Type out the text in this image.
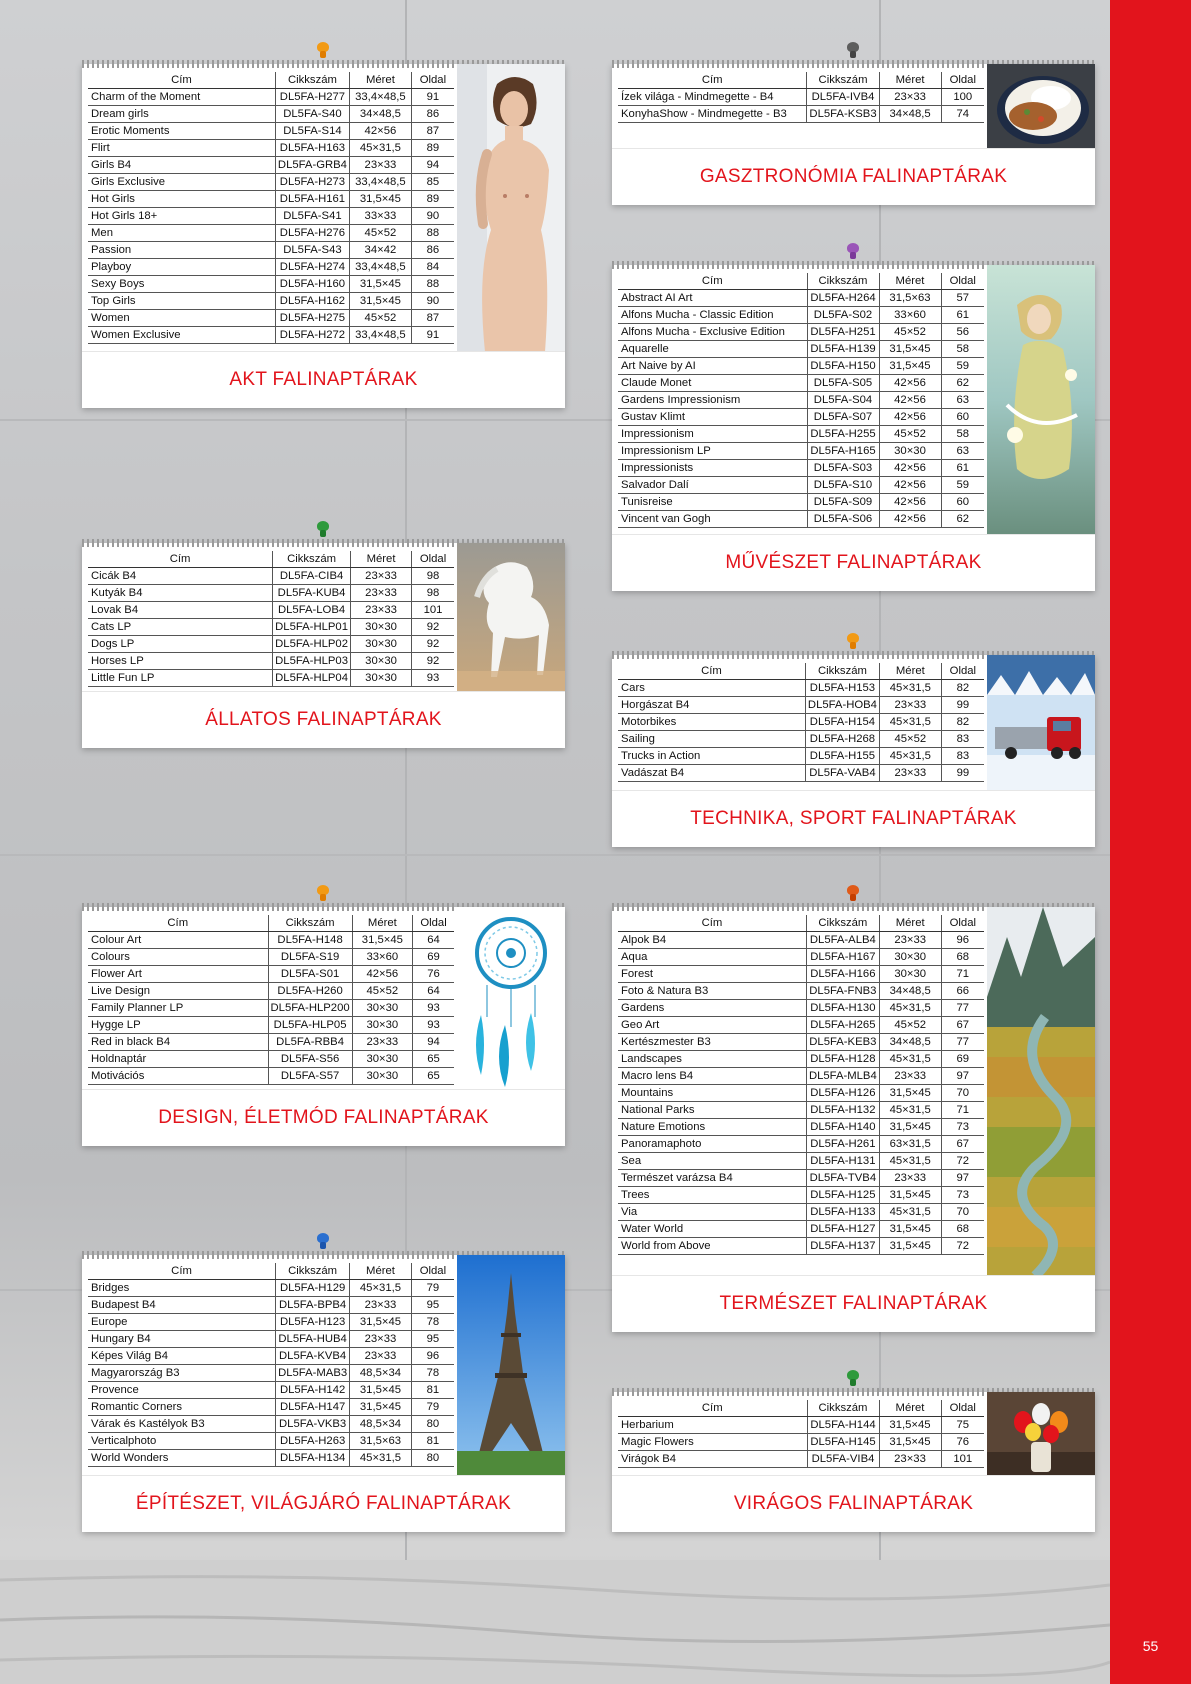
55
Cím	Cikkszám	Méret	Oldal
Charm of the Moment	DL5FA-H277	33,4×48,5	91
Dream girls	DL5FA-S40	34×48,5	86
Erotic Moments	DL5FA-S14	42×56	87
Flirt	DL5FA-H163	45×31,5	89
Girls B4	DL5FA-GRB4	23×33	94
Girls Exclusive	DL5FA-H273	33,4×48,5	85
Hot Girls	DL5FA-H161	31,5×45	89
Hot Girls 18+	DL5FA-S41	33×33	90
Men	DL5FA-H276	45×52	88
Passion	DL5FA-S43	34×42	86
Playboy	DL5FA-H274	33,4×48,5	84
Sexy Boys	DL5FA-H160	31,5×45	88
Top Girls	DL5FA-H162	31,5×45	90
Women	DL5FA-H275	45×52	87
Women Exclusive	DL5FA-H272	33,4×48,5	91
AKT FALINAPTÁRAK
Cím	Cikkszám	Méret	Oldal
Ízek világa - Mindmegette - B4	DL5FA-IVB4	23×33	100
KonyhaShow - Mindmegette - B3	DL5FA-KSB3	34×48,5	74
GASZTRONÓMIA FALINAPTÁRAK
Cím	Cikkszám	Méret	Oldal
Abstract AI Art	DL5FA-H264	31,5×63	57
Alfons Mucha - Classic Edition	DL5FA-S02	33×60	61
Alfons Mucha - Exclusive Edition	DL5FA-H251	45×52	56
Aquarelle	DL5FA-H139	31,5×45	58
Art Naive by AI	DL5FA-H150	31,5×45	59
Claude Monet	DL5FA-S05	42×56	62
Gardens Impressionism	DL5FA-S04	42×56	63
Gustav Klimt	DL5FA-S07	42×56	60
Impressionism	DL5FA-H255	45×52	58
Impressionism LP	DL5FA-H165	30×30	63
Impressionists	DL5FA-S03	42×56	61
Salvador Dalí	DL5FA-S10	42×56	59
Tunisreise	DL5FA-S09	42×56	60
Vincent van Gogh	DL5FA-S06	42×56	62
MŰVÉSZET FALINAPTÁRAK
Cím	Cikkszám	Méret	Oldal
Cicák B4	DL5FA-CIB4	23×33	98
Kutyák B4	DL5FA-KUB4	23×33	98
Lovak B4	DL5FA-LOB4	23×33	101
Cats LP	DL5FA-HLP01	30×30	92
Dogs LP	DL5FA-HLP02	30×30	92
Horses LP	DL5FA-HLP03	30×30	92
Little Fun LP	DL5FA-HLP04	30×30	93
ÁLLATOS FALINAPTÁRAK
Cím	Cikkszám	Méret	Oldal
Cars	DL5FA-H153	45×31,5	82
Horgászat B4	DL5FA-HOB4	23×33	99
Motorbikes	DL5FA-H154	45×31,5	82
Sailing	DL5FA-H268	45×52	83
Trucks in Action	DL5FA-H155	45×31,5	83
Vadászat B4	DL5FA-VAB4	23×33	99
TECHNIKA, SPORT FALINAPTÁRAK
Cím	Cikkszám	Méret	Oldal
Colour Art	DL5FA-H148	31,5×45	64
Colours	DL5FA-S19	33×60	69
Flower Art	DL5FA-S01	42×56	76
Live Design	DL5FA-H260	45×52	64
Family Planner LP	DL5FA-HLP200	30×30	93
Hygge LP	DL5FA-HLP05	30×30	93
Red in black B4	DL5FA-RBB4	23×33	94
Holdnaptár	DL5FA-S56	30×30	65
Motivációs	DL5FA-S57	30×30	65
DESIGN, ÉLETMÓD FALINAPTÁRAK
Cím	Cikkszám	Méret	Oldal
Alpok B4	DL5FA-ALB4	23×33	96
Aqua	DL5FA-H167	30×30	68
Forest	DL5FA-H166	30×30	71
Foto & Natura B3	DL5FA-FNB3	34×48,5	66
Gardens	DL5FA-H130	45×31,5	77
Geo Art	DL5FA-H265	45×52	67
Kertészmester B3	DL5FA-KEB3	34×48,5	77
Landscapes	DL5FA-H128	45×31,5	69
Macro lens B4	DL5FA-MLB4	23×33	97
Mountains	DL5FA-H126	31,5×45	70
National Parks	DL5FA-H132	45×31,5	71
Nature Emotions	DL5FA-H140	31,5×45	73
Panoramaphoto	DL5FA-H261	63×31,5	67
Sea	DL5FA-H131	45×31,5	72
Természet varázsa B4	DL5FA-TVB4	23×33	97
Trees	DL5FA-H125	31,5×45	73
Via	DL5FA-H133	45×31,5	70
Water World	DL5FA-H127	31,5×45	68
World from Above	DL5FA-H137	31,5×45	72
TERMÉSZET FALINAPTÁRAK
Cím	Cikkszám	Méret	Oldal
Bridges	DL5FA-H129	45×31,5	79
Budapest B4	DL5FA-BPB4	23×33	95
Europe	DL5FA-H123	31,5×45	78
Hungary B4	DL5FA-HUB4	23×33	95
Képes Világ B4	DL5FA-KVB4	23×33	96
Magyarország B3	DL5FA-MAB3	48,5×34	78
Provence	DL5FA-H142	31,5×45	81
Romantic Corners	DL5FA-H147	31,5×45	79
Várak és Kastélyok B3	DL5FA-VKB3	48,5×34	80
Verticalphoto	DL5FA-H263	31,5×63	81
World Wonders	DL5FA-H134	45×31,5	80
ÉPÍTÉSZET, VILÁGJÁRÓ FALINAPTÁRAK
Cím	Cikkszám	Méret	Oldal
Herbarium	DL5FA-H144	31,5×45	75
Magic Flowers	DL5FA-H145	31,5×45	76
Virágok B4	DL5FA-VIB4	23×33	101
VIRÁGOS FALINAPTÁRAK
